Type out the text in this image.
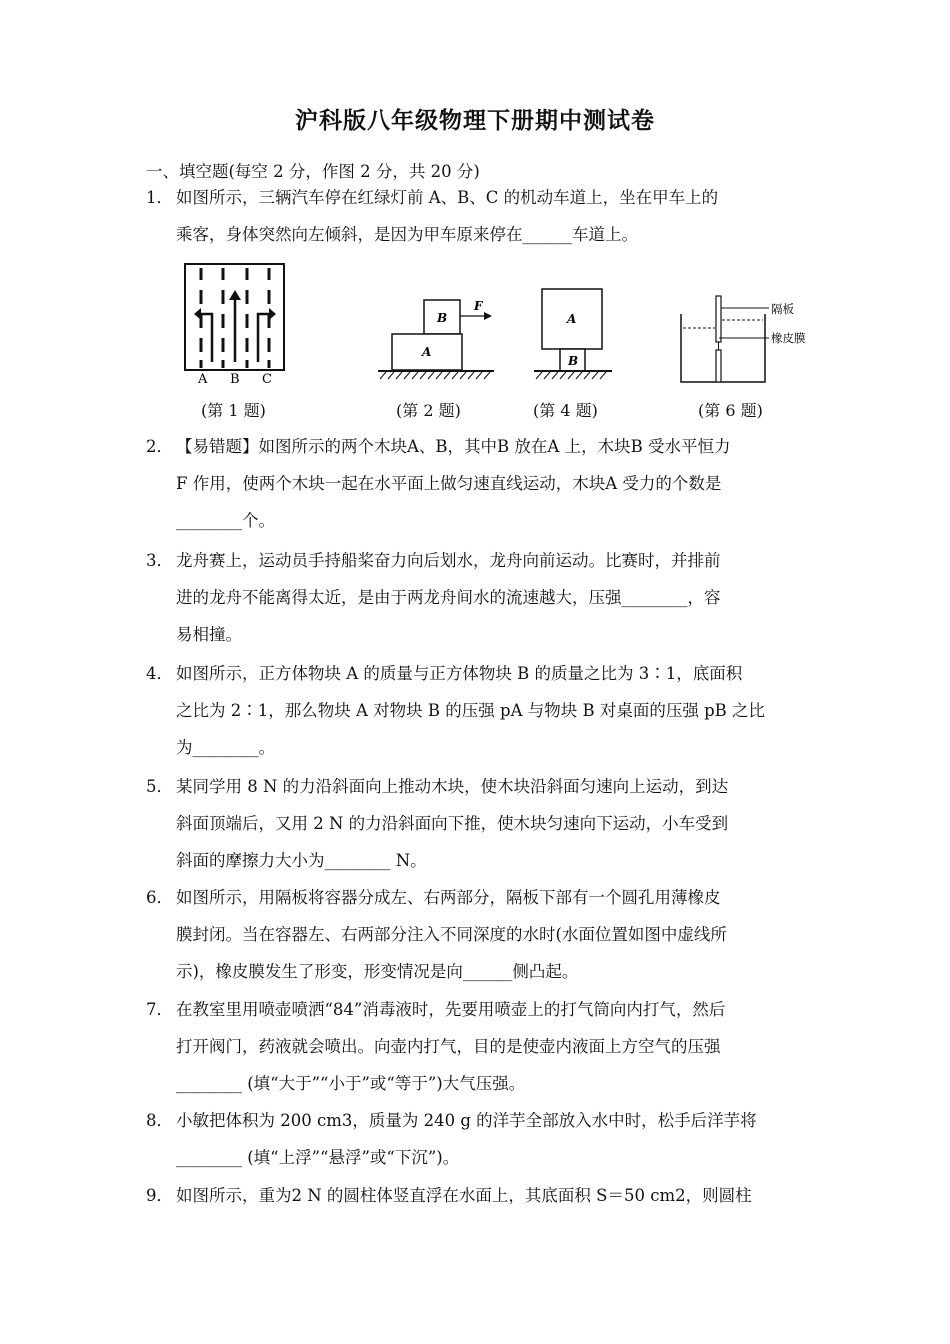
沪科版八年级物理下册期中测试卷
一、填空题(每空 2 分，作图 2 分，共 20 分)
1． 如图所示，三辆汽车停在红绿灯前 A、B、C 的机动车道上，坐在甲车上的
乘客，身体突然向左倾斜，是因为甲车原来停在______车道上。
A B C
B
A
F
A
B
隔板
橡皮膜
(第 1 题)	(第 2 题)	(第 4 题)	(第 6 题)
2． 【易错题】如图所示的两个木块A、B，其中B 放在A 上，木块B 受水平恒力
F 作用，使两个木块一起在水平面上做匀速直线运动，木块A 受力的个数是
________个。
3． 龙舟赛上，运动员手持船桨奋力向后划水，龙舟向前运动。比赛时，并排前
进的龙舟不能离得太近，是由于两龙舟间水的流速越大，压强________，容
易相撞。
4． 如图所示，正方体物块 A 的质量与正方体物块 B 的质量之比为 3∶1，底面积
之比为 2∶1，那么物块 A 对物块 B 的压强 pA 与物块 B 对桌面的压强 pB 之比
为________。
5． 某同学用 8 N 的力沿斜面向上推动木块，使木块沿斜面匀速向上运动，到达
斜面顶端后，又用 2 N 的力沿斜面向下推，使木块匀速向下运动，小车受到
斜面的摩擦力大小为________ N。
6． 如图所示，用隔板将容器分成左、右两部分，隔板下部有一个圆孔用薄橡皮
膜封闭。当在容器左、右两部分注入不同深度的水时(水面位置如图中虚线所
示)，橡皮膜发生了形变，形变情况是向______侧凸起。
7． 在教室里用喷壶喷洒“84”消毒液时，先要用喷壶上的打气筒向内打气，然后
打开阀门，药液就会喷出。向壶内打气，目的是使壶内液面上方空气的压强
________ (填“大于”“小于”或“等于”)大气压强。
8． 小敏把体积为 200 cm3，质量为 240 g 的洋芋全部放入水中时，松手后洋芋将
________ (填“上浮”“悬浮”或“下沉”)。
9． 如图所示，重为2 N 的圆柱体竖直浮在水面上，其底面积 S＝50 cm2，则圆柱
